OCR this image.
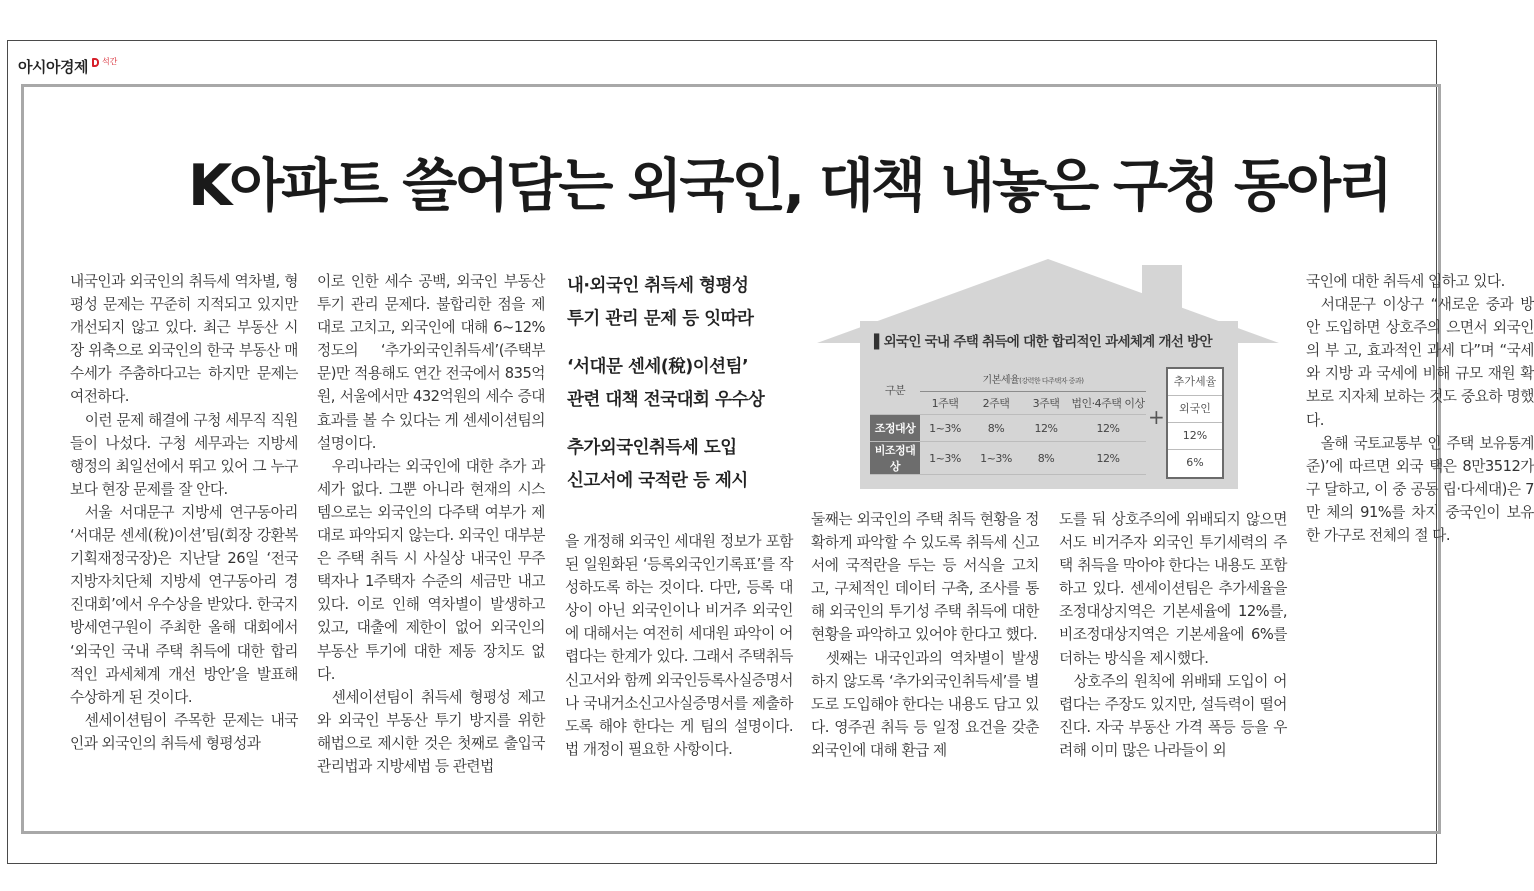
아시아경제 석간
K아파트 쓸어담는 외국인, 대책 내놓은 구청 동아리

내국인과 외국인의 취득세 역차별, 형평성 문제는 꾸준히 지적되고 있지만 개선되지 않고 있다. 최근 부동산 시장 위축으로 외국인의 한국 부동산 매수세가 주춤하다고는 하지만 문제는 여전하다.

이런 문제 해결에 구청 세무직 직원들이 나섰다. 구청 세무과는 지방세 행정의 최일선에서 뛰고 있어 그 누구보다 현장 문제를 잘 안다.

서울 서대문구 지방세 연구동아리 ‘서대문 센세(稅)이션’팀(회장 강환복 기획재정국장)은 지난달 26일 ‘전국 지방자치단체 지방세 연구동아리 경진대회’에서 우수상을 받았다. 한국지방세연구원이 주최한 올해 대회에서 ‘외국인 국내 주택 취득에 대한 합리적인 과세체계 개선 방안’을 발표해 수상하게 된 것이다.

센세이션팀이 주목한 문제는 내국인과 외국인의 취득세 형평성과

이로 인한 세수 공백, 외국인 부동산 투기 관리 문제다. 불합리한 점을 제대로 고치고, 외국인에 대해 6~12% 정도의 ‘추가외국인취득세’(주택부문)만 적용해도 연간 전국에서 835억원, 서울에서만 432억원의 세수 증대 효과를 볼 수 있다는 게 센세이션팀의 설명이다.

우리나라는 외국인에 대한 추가 과세가 없다. 그뿐 아니라 현재의 시스템으로는 외국인의 다주택 여부가 제대로 파악되지 않는다. 외국인 대부분은 주택 취득 시 사실상 내국인 무주택자나 1주택자 수준의 세금만 내고 있다. 이로 인해 역차별이 발생하고 있고, 대출에 제한이 없어 외국인의 부동산 투기에 대한 제동 장치도 없다.

센세이션팀이 취득세 형평성 제고와 외국인 부동산 투기 방지를 위한 해법으로 제시한 것은 첫째로 출입국관리법과 지방세법 등 관련법

내·외국인 취득세 형평성
투기 관리 문제 등 잇따라
‘서대문 센세(稅)이션팀’
관련 대책 전국대회 우수상
추가외국인취득세 도입
신고서에 국적란 등 제시

을 개정해 외국인 세대원 정보가 포함된 일원화된 ‘등록외국인기록표’를 작성하도록 하는 것이다. 다만, 등록 대상이 아닌 외국인이나 비거주 외국인에 대해서는 여전히 세대원 파악이 어렵다는 한계가 있다. 그래서 주택취득신고서와 함께 외국인등록사실증명서나 국내거소신고사실증명서를 제출하도록 해야 한다는 게 팀의 설명이다. 법 개정이 필요한 사항이다.

▌외국인 국내 주택 취득에 대한 합리적인 과세체계 개선 방안
구분	기본세율(강력한 다주택자 중과)			
	1주택	2주택	3주택	법인·4주택 이상
조정대상	1~3%	8%	12%	12%
비조정대상	1~3%	1~3%	8%	12%
+
추가세율
외국인
12%
6%

둘째는 외국인의 주택 취득 현황을 정확하게 파악할 수 있도록 취득세 신고서에 국적란을 두는 등 서식을 고치고, 구체적인 데이터 구축, 조사를 통해 외국인의 투기성 주택 취득에 대한 현황을 파악하고 있어야 한다고 했다.

셋째는 내국인과의 역차별이 발생하지 않도록 ‘추가외국인취득세’를 별도로 도입해야 한다는 내용도 담고 있다. 영주권 취득 등 일정 요건을 갖춘 외국인에 대해 환급 제

도를 둬 상호주의에 위배되지 않으면서도 비거주자 외국인 투기세력의 주택 취득을 막아야 한다는 내용도 포함하고 있다. 센세이션팀은 추가세율을 조정대상지역은 기본세율에 12%를, 비조정대상지역은 기본세율에 6%를 더하는 방식을 제시했다.

상호주의 원칙에 위배돼 도입이 어렵다는 주장도 있지만, 설득력이 떨어진다. 자국 부동산 가격 폭등 등을 우려해 이미 많은 나라들이 외

국인에 대한 취득세 입하고 있다.

서대문구 이상구 “새로운 중과 방안 도입하면 상호주의 으면서 외국인의 부 고, 효과적인 과세 다”며 “국세와 지방 과 국세에 비해 규모 재원 확보로 지자체 보하는 것도 중요하 명했다.

올해 국토교통부 인 주택 보유통계 준)’에 따르면 외국 택은 8만3512가구 달하고, 이 중 공동 립·다세대)은 7만 체의 91%를 차지 중국인이 보유한 가구로 전체의 절 다.
